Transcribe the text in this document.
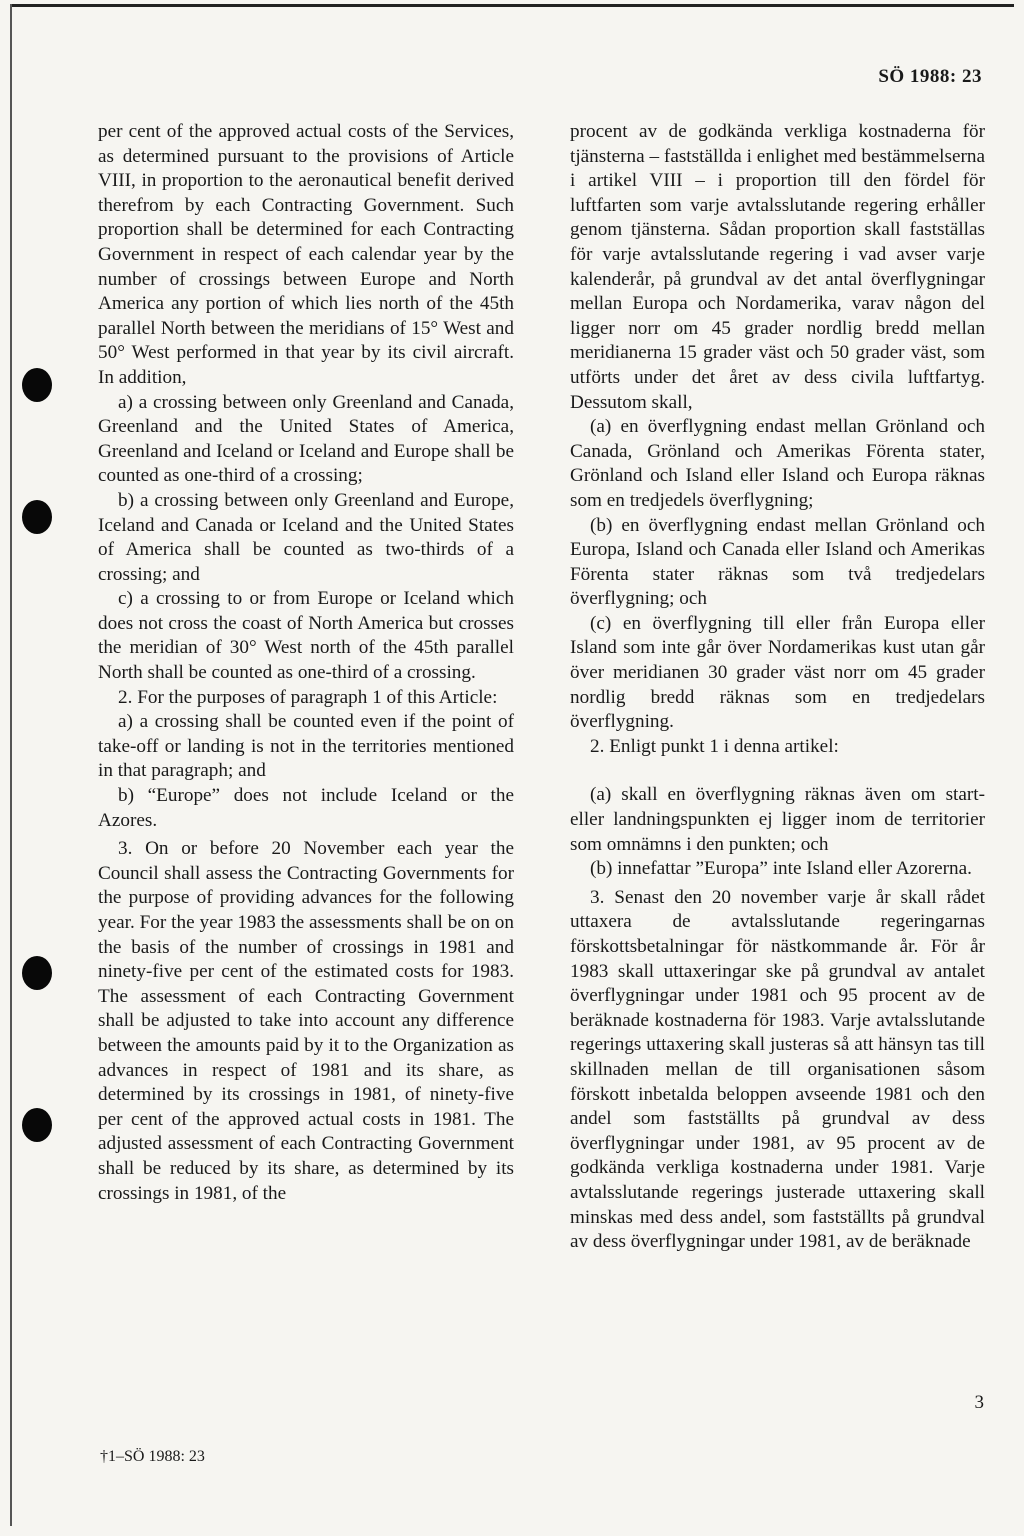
SÖ 1988: 23

per cent of the approved actual costs of the Services, as determined pursuant to the provisions of Article VIII, in proportion to the aeronautical benefit derived therefrom by each Contracting Government. Such proportion shall be determined for each Contracting Government in respect of each calendar year by the number of crossings between Europe and North America any portion of which lies north of the 45th parallel North between the meridians of 15° West and 50° West performed in that year by its civil aircraft. In addition,

a) a crossing between only Greenland and Canada, Greenland and the United States of America, Greenland and Iceland or Iceland and Europe shall be counted as one-third of a crossing;

b) a crossing between only Greenland and Europe, Iceland and Canada or Iceland and the United States of America shall be counted as two-thirds of a crossing; and

c) a crossing to or from Europe or Iceland which does not cross the coast of North America but crosses the meridian of 30° West north of the 45th parallel North shall be counted as one-third of a crossing.

2. For the purposes of paragraph 1 of this Article:

a) a crossing shall be counted even if the point of take-off or landing is not in the territories mentioned in that paragraph; and

b) “Europe” does not include Iceland or the Azores.

3. On or before 20 November each year the Council shall assess the Contracting Governments for the purpose of providing advances for the following year. For the year 1983 the assessments shall be on on the basis of the number of crossings in 1981 and ninety-five per cent of the estimated costs for 1983. The assessment of each Contracting Government shall be adjusted to take into account any difference between the amounts paid by it to the Organization as advances in respect of 1981 and its share, as determined by its crossings in 1981, of ninety-five per cent of the approved actual costs in 1981. The adjusted assessment of each Contracting Government shall be reduced by its share, as determined by its crossings in 1981, of the

procent av de godkända verkliga kostnaderna för tjänsterna – fastställda i enlighet med bestämmelserna i artikel VIII – i proportion till den fördel för luftfarten som varje avtalsslutande regering erhåller genom tjänsterna. Sådan proportion skall fastställas för varje avtalsslutande regering i vad avser varje kalenderår, på grundval av det antal överflygningar mellan Europa och Nordamerika, varav någon del ligger norr om 45 grader nordlig bredd mellan meridianerna 15 grader väst och 50 grader väst, som utförts under det året av dess civila luftfartyg. Dessutom skall,

(a) en överflygning endast mellan Grönland och Canada, Grönland och Amerikas Förenta stater, Grönland och Island eller Island och Europa räknas som en tredjedels överflygning;

(b) en överflygning endast mellan Grönland och Europa, Island och Canada eller Island och Amerikas Förenta stater räknas som två tredjedelars överflygning; och

(c) en överflygning till eller från Europa eller Island som inte går över Nordamerikas kust utan går över meridianen 30 grader väst norr om 45 grader nordlig bredd räknas som en tredjedelars överflygning.

2. Enligt punkt 1 i denna artikel:

(a) skall en överflygning räknas även om start- eller landningspunkten ej ligger inom de territorier som omnämns i den punkten; och

(b) innefattar ”Europa” inte Island eller Azorerna.

3. Senast den 20 november varje år skall rådet uttaxera de avtalsslutande regeringarnas förskottsbetalningar för nästkommande år. För år 1983 skall uttaxeringar ske på grundval av antalet överflygningar under 1981 och 95 procent av de beräknade kostnaderna för 1983. Varje avtalsslutande regerings uttaxering skall justeras så att hänsyn tas till skillnaden mellan de till organisationen såsom förskott inbetalda beloppen avseende 1981 och den andel som fastställts på grundval av dess överflygningar under 1981, av 95 procent av de godkända verkliga kostnaderna under 1981. Varje avtalsslutande regerings justerade uttaxering skall minskas med dess andel, som fastställts på grundval av dess överflygningar under 1981, av de beräknade

3
†1–SÖ 1988: 23
